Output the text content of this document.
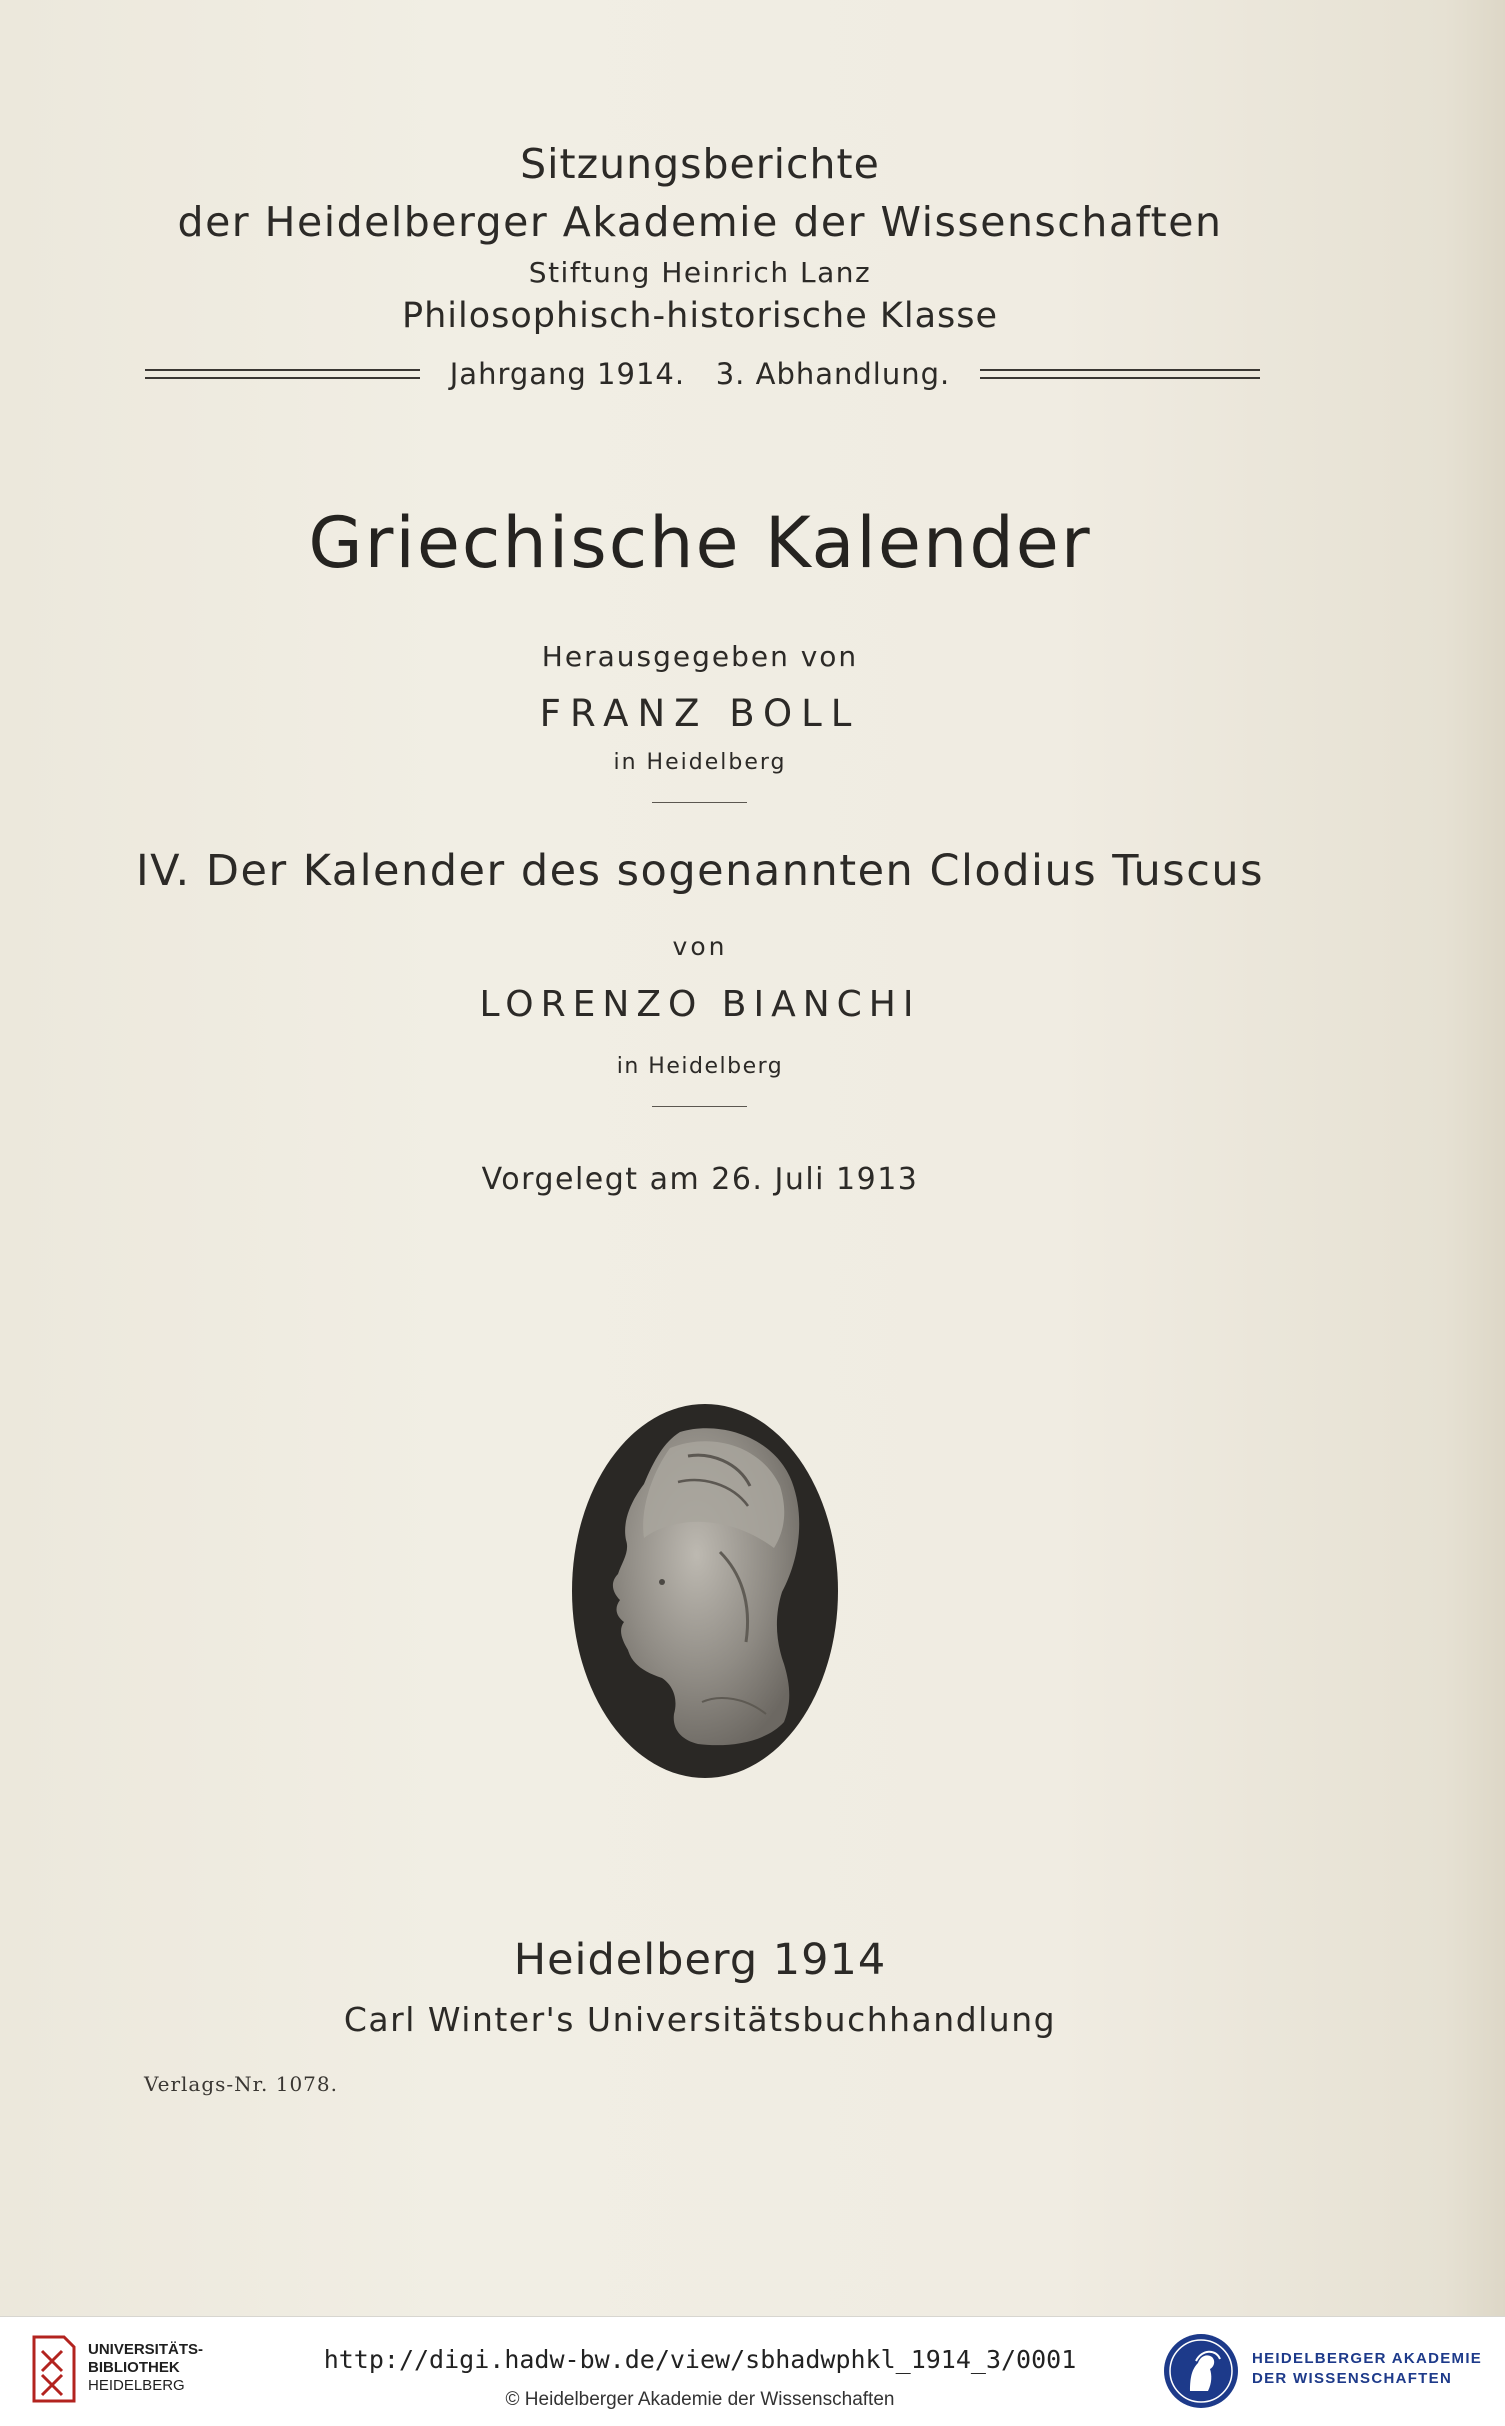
Sitzungsberichte
der Heidelberger Akademie der Wissenschaften
Stiftung Heinrich Lanz
Philosophisch-historische Klasse
Jahrgang 1914.   3. Abhandlung.
Griechische Kalender
Herausgegeben von
FRANZ BOLL
in Heidelberg
IV. Der Kalender des sogenannten Clodius Tuscus
von
LORENZO BIANCHI
in Heidelberg
Vorgelegt am 26. Juli 1913
Heidelberg 1914
Carl Winter's Universitätsbuchhandlung
Verlags-Nr. 1078.
UNIVERSITÄTS-
BIBLIOTHEK
HEIDELBERG
http://digi.hadw-bw.de/view/sbhadwphkl_1914_3/0001
© Heidelberger Akademie der Wissenschaften
HEIDELBERGER AKADEMIE
DER WISSENSCHAFTEN
